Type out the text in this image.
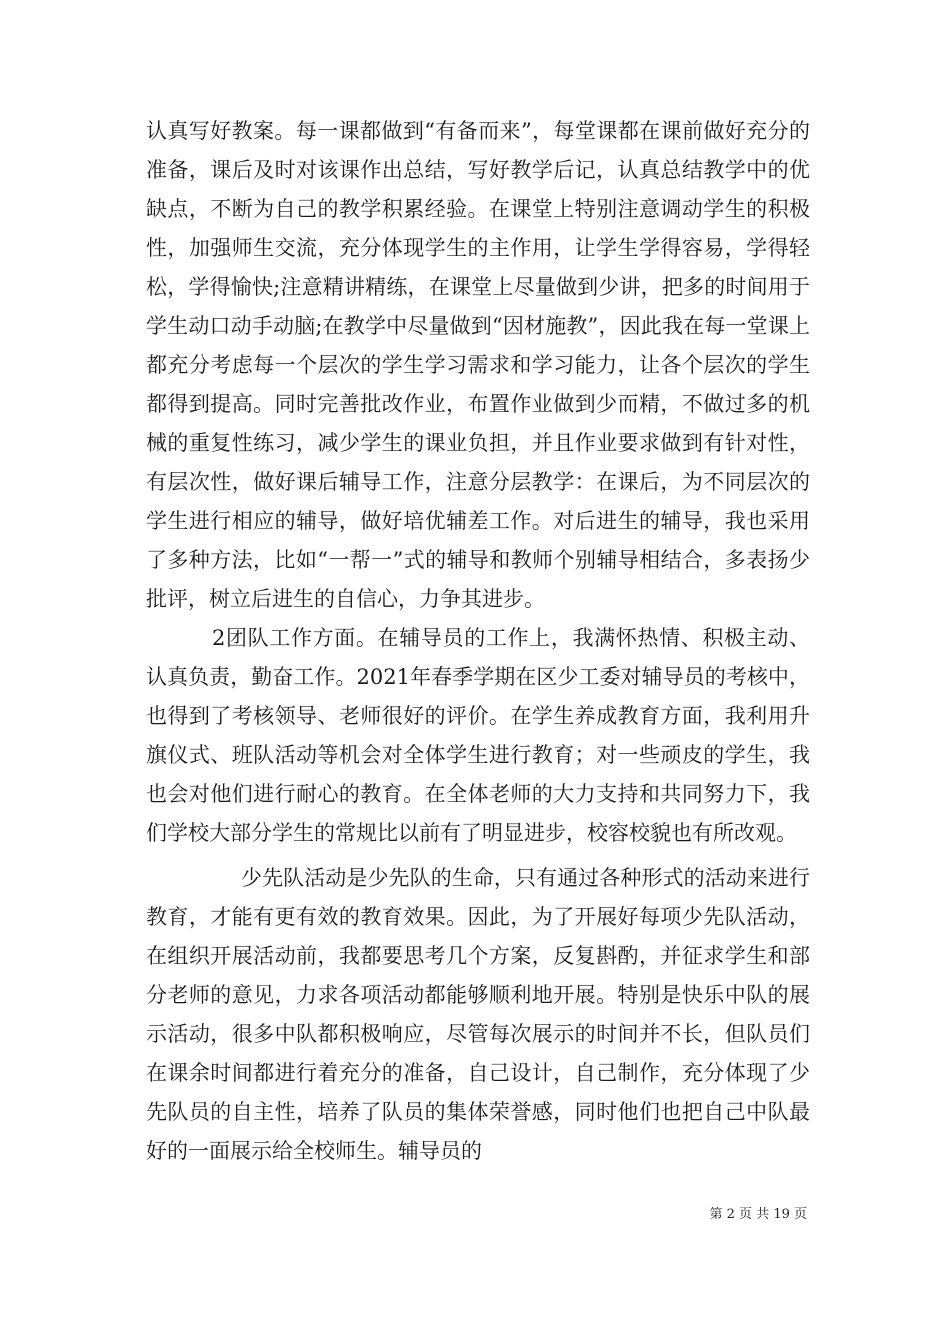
认真写好教案。每一课都做到“有备而来”，每堂课都在课前做好充分的准备，课后及时对该课作出总结，写好教学后记，认真总结教学中的优缺点，不断为自己的教学积累经验。在课堂上特别注意调动学生的积极性，加强师生交流，充分体现学生的主作用，让学生学得容易，学得轻松，学得愉快;注意精讲精练，在课堂上尽量做到少讲，把多的时间用于学生动口动手动脑;在教学中尽量做到“因材施教”，因此我在每一堂课上都充分考虑每一个层次的学生学习需求和学习能力，让各个层次的学生都得到提高。同时完善批改作业，布置作业做到少而精，不做过多的机械的重复性练习，减少学生的课业负担，并且作业要求做到有针对性，有层次性，做好课后辅导工作，注意分层教学：在课后，为不同层次的学生进行相应的辅导，做好培优辅差工作。对后进生的辅导，我也采用了多种方法，比如“一帮一”式的辅导和教师个别辅导相结合，多表扬少批评，树立后进生的自信心，力争其进步。

2团队工作方面。在辅导员的工作上，我满怀热情、积极主动、认真负责，勤奋工作。2021年春季学期在区少工委对辅导员的考核中，也得到了考核领导、老师很好的评价。在学生养成教育方面，我利用升旗仪式、班队活动等机会对全体学生进行教育；对一些顽皮的学生，我也会对他们进行耐心的教育。在全体老师的大力支持和共同努力下，我们学校大部分学生的常规比以前有了明显进步，校容校貌也有所改观。

少先队活动是少先队的生命，只有通过各种形式的活动来进行教育，才能有更有效的教育效果。因此，为了开展好每项少先队活动，在组织开展活动前，我都要思考几个方案，反复斟酌，并征求学生和部分老师的意见，力求各项活动都能够顺利地开展。特别是快乐中队的展示活动，很多中队都积极响应，尽管每次展示的时间并不长，但队员们在课余时间都进行着充分的准备，自己设计，自己制作，充分体现了少先队员的自主性，培养了队员的集体荣誉感，同时他们也把自己中队最好的一面展示给全校师生。辅导员的

第 2 页 共 19 页
